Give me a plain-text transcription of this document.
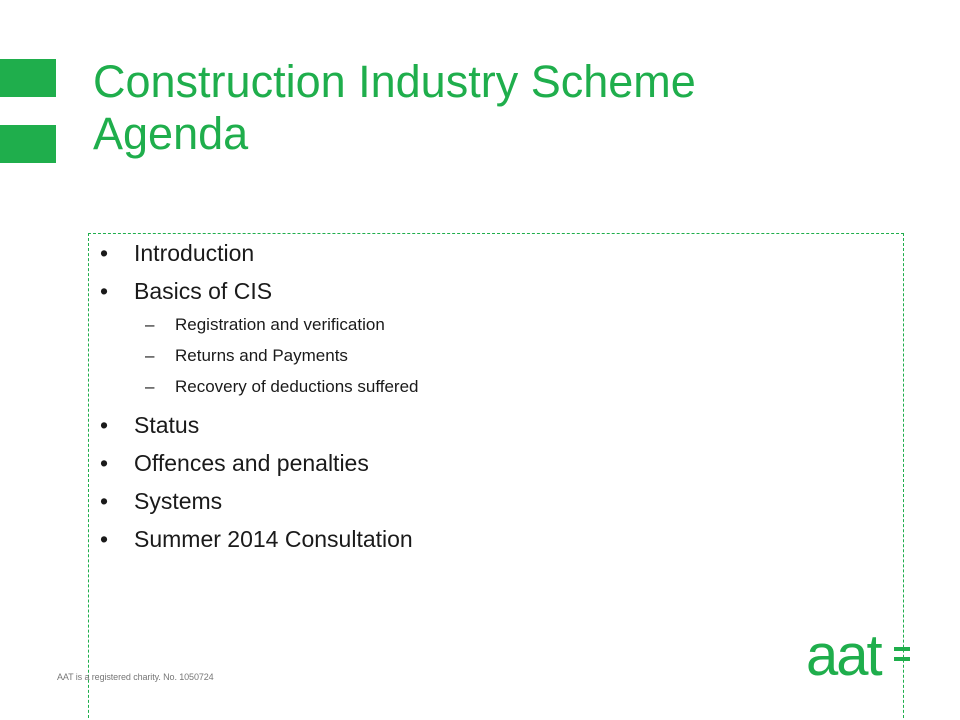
Construction Industry Scheme
Agenda
• Introduction
• Basics of CIS
– Registration and verification
– Returns and Payments
– Recovery of deductions suffered
• Status
• Offences and penalties
• Systems
• Summer 2014 Consultation
AAT is a registered charity. No. 1050724	aat
